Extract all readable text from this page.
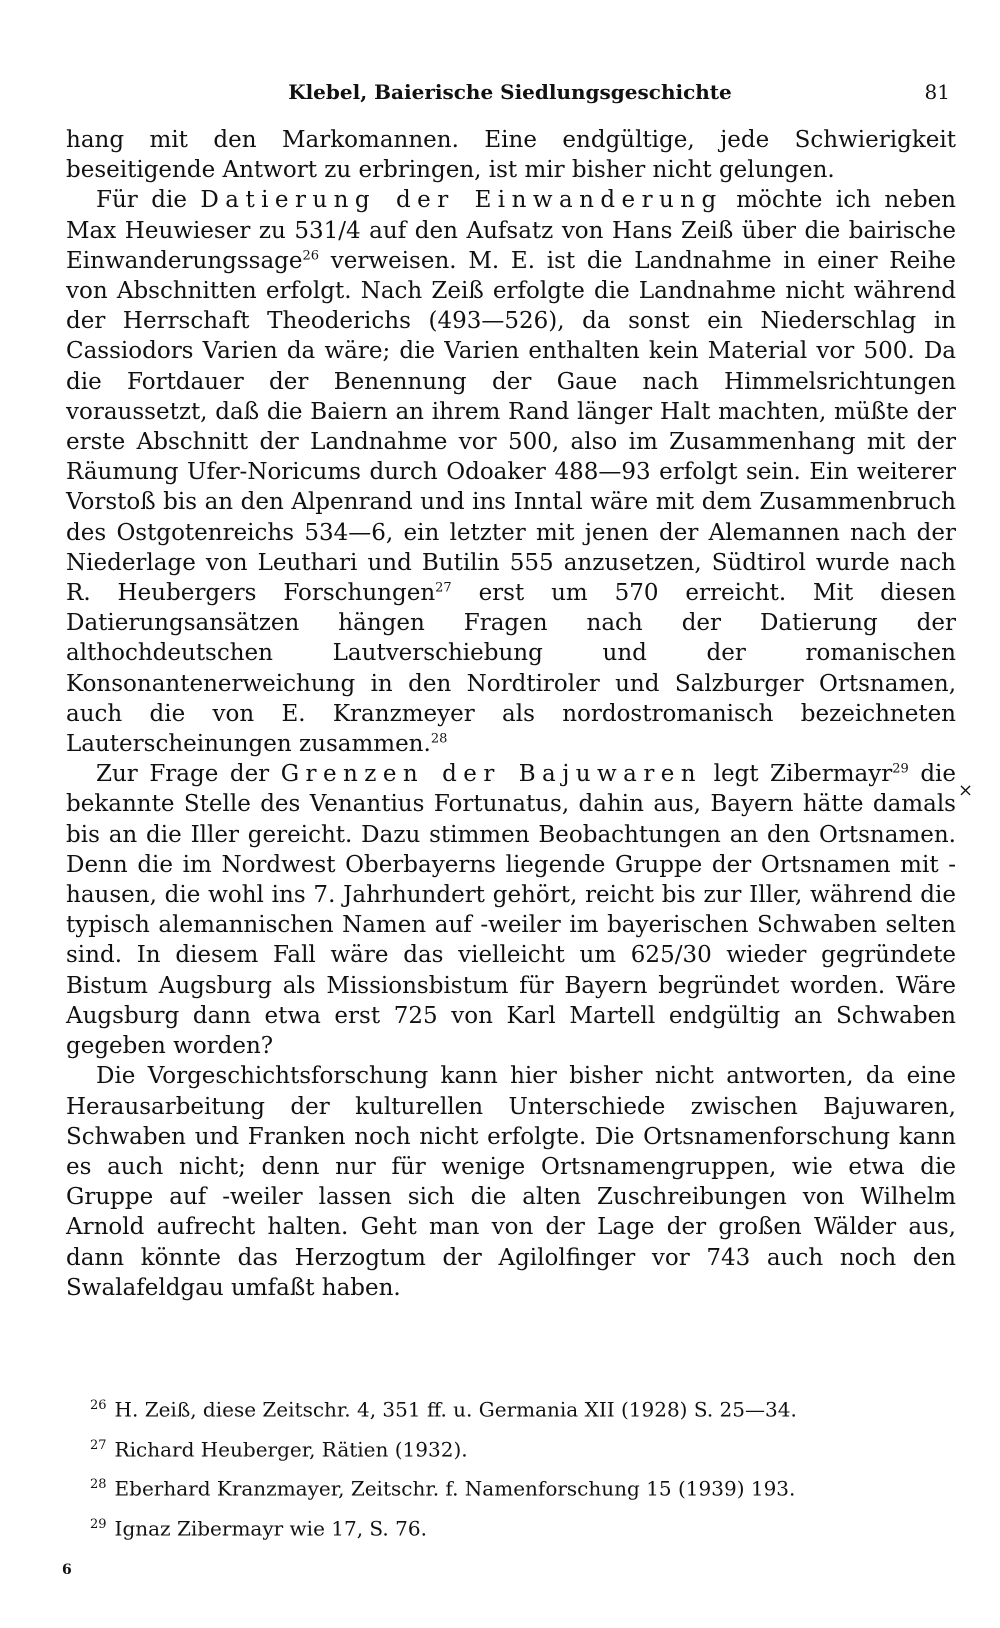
Klebel, Baierische Siedlungsgeschichte	81

hang mit den Markomannen. Eine endgültige, jede Schwierigkeit beseitigende Antwort zu erbringen, ist mir bisher nicht gelungen.

Für die Datierung der Einwanderung möchte ich neben Max Heuwieser zu 531/4 auf den Aufsatz von Hans Zeiß über die bairische Einwanderungssage$^{26}$ verweisen. M. E. ist die Landnahme in einer Reihe von Abschnitten erfolgt. Nach Zeiß erfolgte die Landnahme nicht während der Herrschaft Theoderichs (493—526), da sonst ein Niederschlag in Cassiodors Varien da wäre; die Varien enthalten kein Material vor 500. Da die Fortdauer der Benennung der Gaue nach Himmelsrichtungen voraussetzt, daß die Baiern an ihrem Rand länger Halt machten, müßte der erste Abschnitt der Landnahme vor 500, also im Zusammenhang mit der Räumung Ufer-Noricums durch Odoaker 488—93 erfolgt sein. Ein weiterer Vorstoß bis an den Alpenrand und ins Inntal wäre mit dem Zusammenbruch des Ostgotenreichs 534—6, ein letzter mit jenen der Alemannen nach der Niederlage von Leuthari und Butilin 555 anzusetzen, Südtirol wurde nach R. Heubergers Forschungen$^{27}$ erst um 570 erreicht. Mit diesen Datierungsansätzen hängen Fragen nach der Datierung der althochdeutschen Lautverschiebung und der romanischen Konsonantenerweichung in den Nordtiroler und Salzburger Ortsnamen, auch die von E. Kranzmeyer als nordostromanisch bezeichneten Lauterscheinungen zusammen.$^{28}$

Zur Frage der Grenzen der Bajuwaren legt Zibermayr$^{29}$ die bekannte Stelle des Venantius Fortunatus, dahin aus, Bayern hätte damals bis an die Iller gereicht. Dazu stimmen Beobachtungen an den Ortsnamen. Denn die im Nordwest Oberbayerns liegende Gruppe der Ortsnamen mit -hausen, die wohl ins 7. Jahrhundert gehört, reicht bis zur Iller, während die typisch alemannischen Namen auf -weiler im bayerischen Schwaben selten sind. In diesem Fall wäre das vielleicht um 625/30 wieder gegründete Bistum Augsburg als Missionsbistum für Bayern begründet worden. Wäre Augsburg dann etwa erst 725 von Karl Martell endgültig an Schwaben gegeben worden?

Die Vorgeschichtsforschung kann hier bisher nicht antworten, da eine Herausarbeitung der kulturellen Unterschiede zwischen Bajuwaren, Schwaben und Franken noch nicht erfolgte. Die Ortsnamenforschung kann es auch nicht; denn nur für wenige Ortsnamengruppen, wie etwa die Gruppe auf -weiler lassen sich die alten Zuschreibungen von Wilhelm Arnold aufrecht halten. Geht man von der Lage der großen Wälder aus, dann könnte das Herzogtum der Agilolfinger vor 743 auch noch den Swalafeldgau umfaßt haben.

$^{26}$ H. Zeiß, diese Zeitschr. 4, 351 ff. u. Germania XII (1928) S. 25—34.

$^{27}$ Richard Heuberger, Rätien (1932).

$^{28}$ Eberhard Kranzmayer, Zeitschr. f. Namenforschung 15 (1939) 193.

$^{29}$ Ignaz Zibermayr wie 17, S. 76.

×
6
